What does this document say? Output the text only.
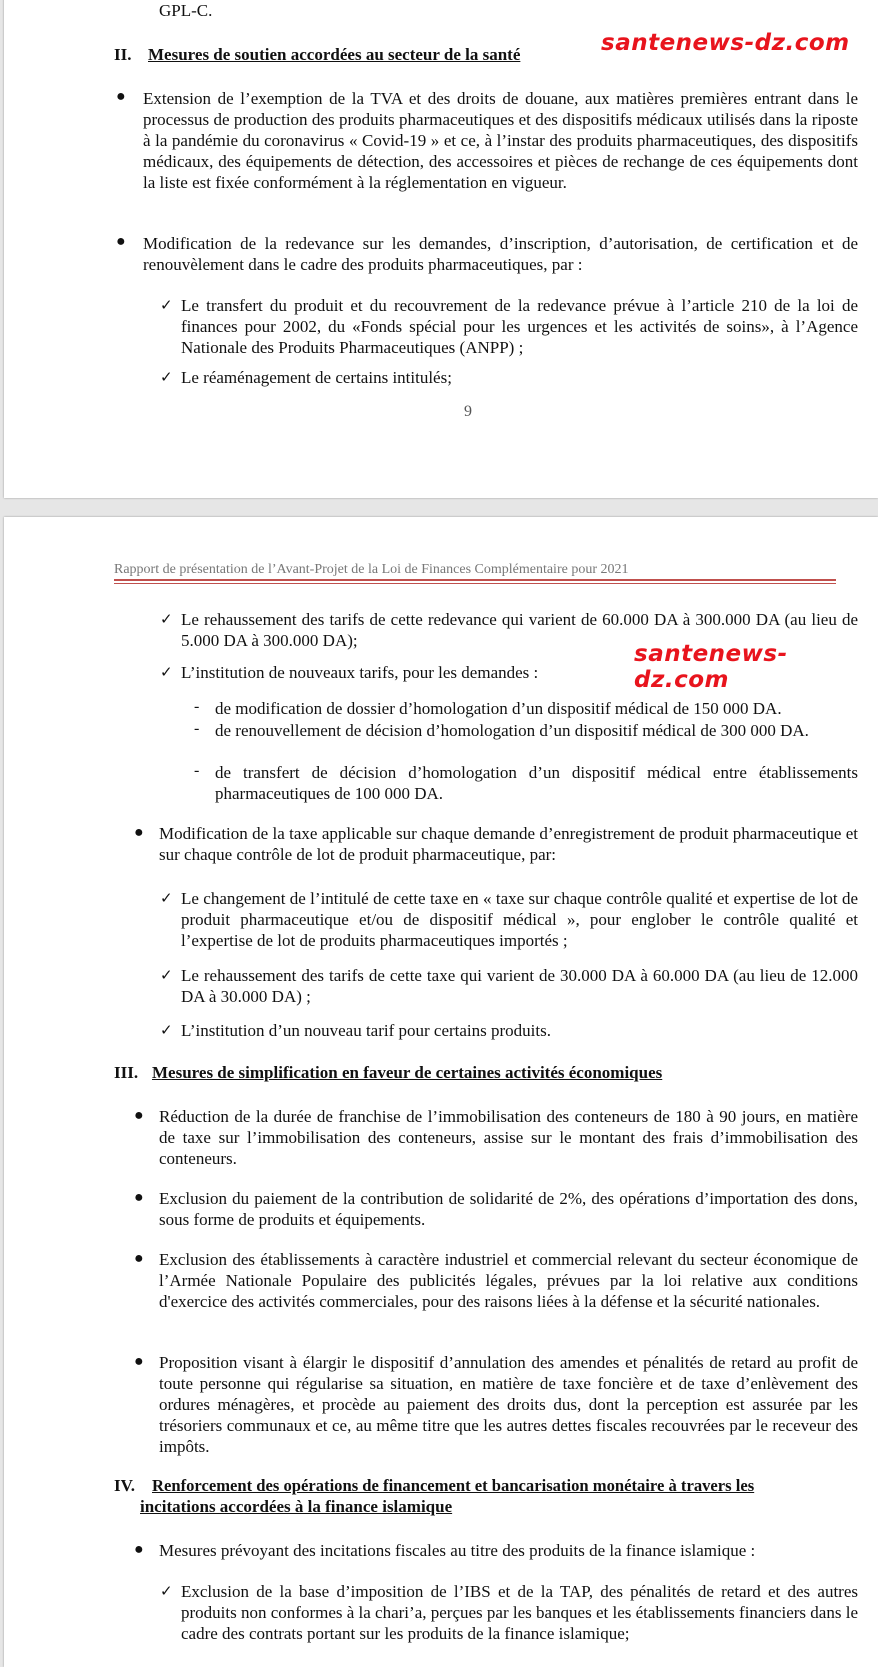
GPL-C.
II. Mesures de soutien accordées au secteur de la santé	santenews-dz.com
● Extension de l’exemption de la TVA et des droits de douane, aux matières premières entrant dans le processus de production des produits pharmaceutiques et des dispositifs médicaux utilisés dans la riposte à la pandémie du coronavirus « Covid-19 » et ce, à l’instar des produits pharmaceutiques, des dispositifs médicaux, des équipements de détection, des accessoires et pièces de rechange de ces équipements dont la liste est fixée conformément à la réglementation en vigueur.
● Modification de la redevance sur les demandes, d’inscription, d’autorisation, de certification et de renouvèlement dans le cadre des produits pharmaceutiques, par :
✓ Le transfert du produit et du recouvrement de la redevance prévue à l’article 210 de la loi de finances pour 2002, du «Fonds spécial pour les urgences et les activités de soins», à l’Agence Nationale des Produits Pharmaceutiques (ANPP) ;
✓ Le réaménagement de certains intitulés;
9
Rapport de présentation de l’Avant-Projet de la Loi de Finances Complémentaire pour 2021
✓ Le rehaussement des tarifs de cette redevance qui varient de 60.000 DA à 300.000 DA (au lieu de 5.000 DA à 300.000 DA);
santenews-dz.com
✓ L’institution de nouveaux tarifs, pour les demandes :
- de modification de dossier d’homologation d’un dispositif médical de 150 000 DA.
- de renouvellement de décision d’homologation d’un dispositif médical de 300 000 DA.
- de transfert de décision d’homologation d’un dispositif médical entre établissements pharmaceutiques de 100 000 DA.
● Modification de la taxe applicable sur chaque demande d’enregistrement de produit pharmaceutique et sur chaque contrôle de lot de produit pharmaceutique, par:
✓ Le changement de l’intitulé de cette taxe en « taxe sur chaque contrôle qualité et expertise de lot de produit pharmaceutique et/ou de dispositif médical », pour englober le contrôle qualité et l’expertise de lot de produits pharmaceutiques importés ;
✓ Le rehaussement des tarifs de cette taxe qui varient de 30.000 DA à 60.000 DA (au lieu de 12.000 DA à 30.000 DA) ;
✓ L’institution d’un nouveau tarif pour certains produits.
III. Mesures de simplification en faveur de certaines activités économiques
● Réduction de la durée de franchise de l’immobilisation des conteneurs de 180 à 90 jours, en matière de taxe sur l’immobilisation des conteneurs, assise sur le montant des frais d’immobilisation des conteneurs.
● Exclusion du paiement de la contribution de solidarité de 2%, des opérations d’importation des dons, sous forme de produits et équipements.
● Exclusion des établissements à caractère industriel et commercial relevant du secteur économique de l’Armée Nationale Populaire des publicités légales, prévues par la loi relative aux conditions d'exercice des activités commerciales, pour des raisons liées à la défense et la sécurité nationales.
● Proposition visant à élargir le dispositif d’annulation des amendes et pénalités de retard au profit de toute personne qui régularise sa situation, en matière de taxe foncière et de taxe d’enlèvement des ordures ménagères, et procède au paiement des droits dus, dont la perception est assurée par les trésoriers communaux et ce, au même titre que les autres dettes fiscales recouvrées par le receveur des impôts.
IV. Renforcement des opérations de financement et bancarisation monétaire à travers les
incitations accordées à la finance islamique
● Mesures prévoyant des incitations fiscales au titre des produits de la finance islamique :
✓ Exclusion de la base d’imposition de l’IBS et de la TAP, des pénalités de retard et des autres produits non conformes à la chari’a, perçues par les banques et les établissements financiers dans le cadre des contrats portant sur les produits de la finance islamique;
